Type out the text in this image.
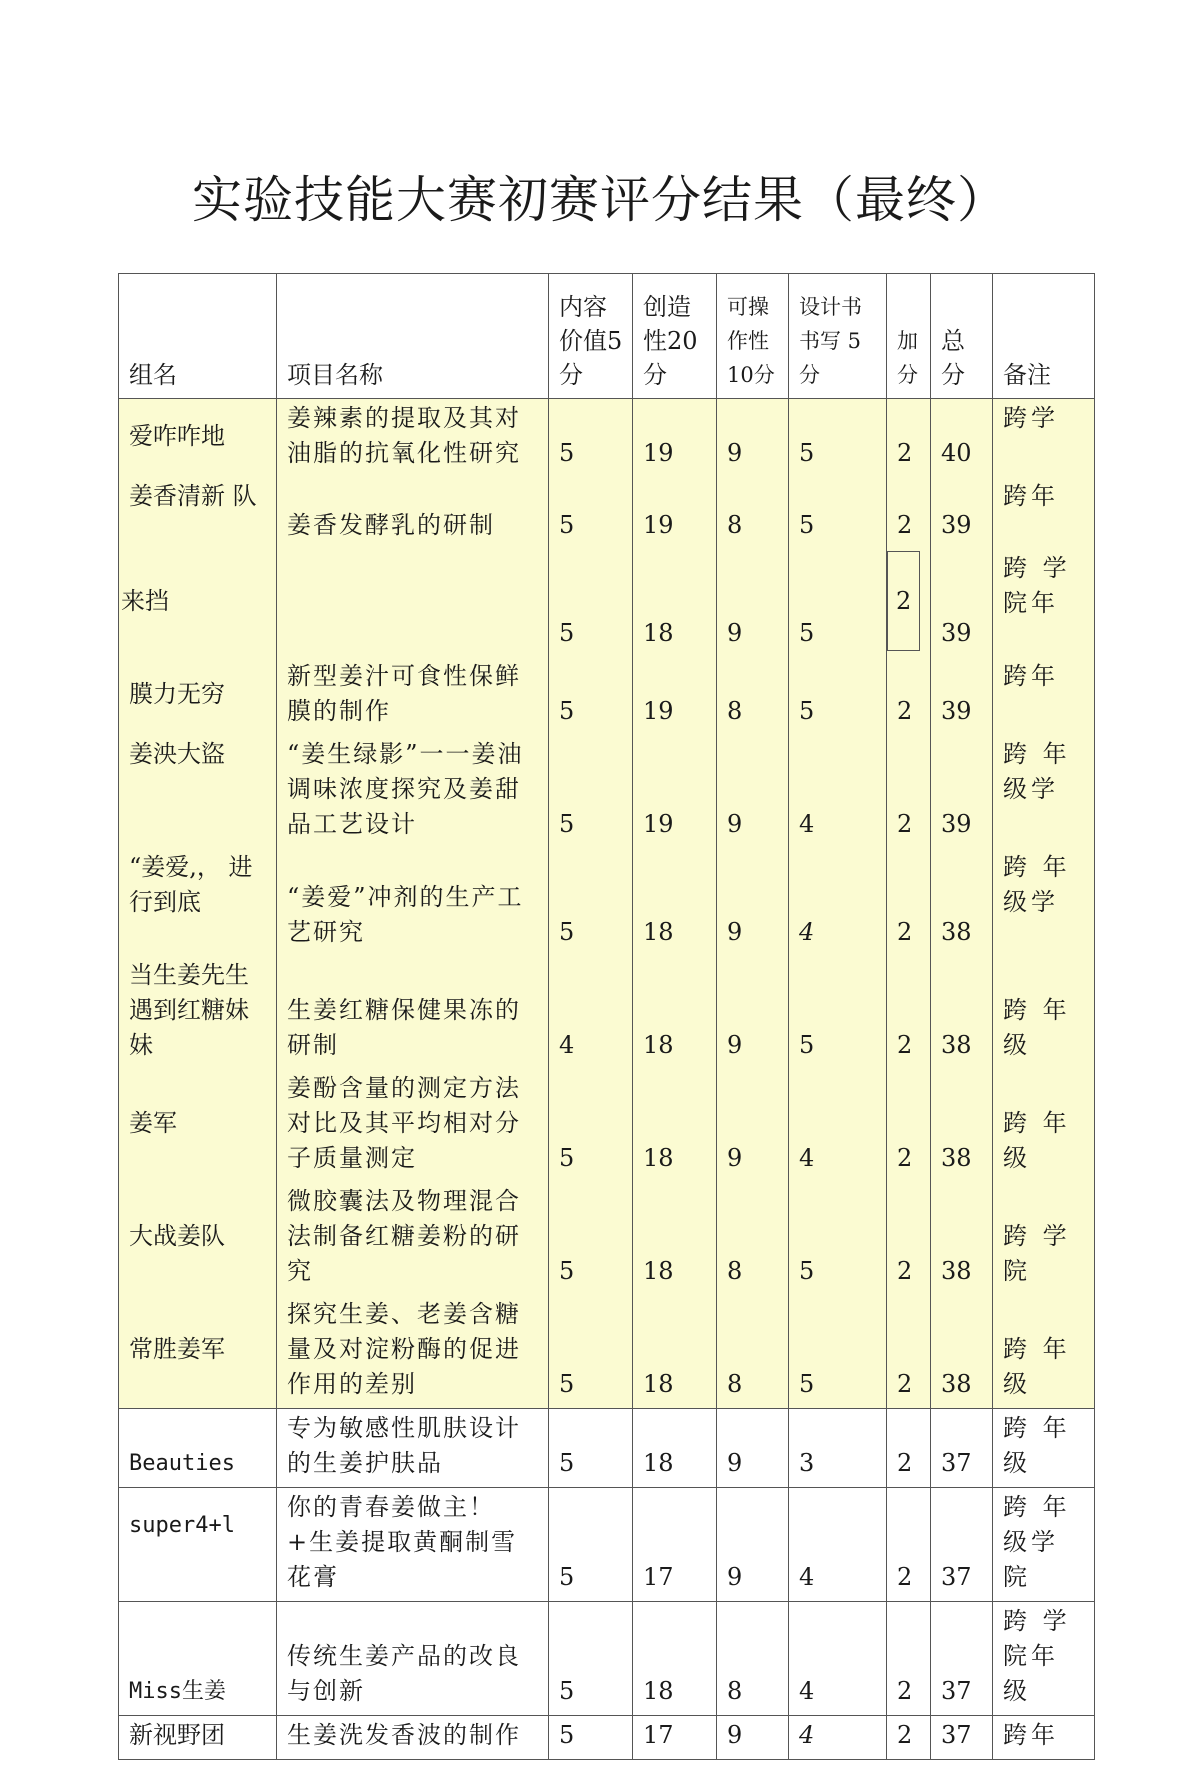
实验技能大赛初赛评分结果（最终）
组名	项目名称	内容价值5分	创造性20分	可操作性10分	设计书书写 5分	加分	总分	备注
爱咋咋地	姜辣素的提取及其对油脂的抗氧化性研究	5	19	9	5	2	40	跨学
姜香清新 队	姜香发酵乳的研制	5	19	8	5	2	39	跨年
来挡		5	18	9	5	2	39	跨 学 院年
膜力无穷	新型姜汁可食性保鲜膜的制作	5	19	8	5	2	39	跨年
姜泱大盜	“姜生绿影”一一姜油调味浓度探究及姜甜品工艺设计	5	19	9	4	2	39	跨 年 级学
“姜爱,， 进行到底	“姜爱”冲剂的生产工艺研究	5	18	9	4	2	38	跨 年 级学
当生姜先生遇到红糖妹妹	生姜红糖保健果冻的研制	4	18	9	5	2	38	跨 年 级
姜军	姜酚含量的测定方法对比及其平均相对分子质量测定	5	18	9	4	2	38	跨 年 级
大战姜队	微胶囊法及物理混合法制备红糖姜粉的研究	5	18	8	5	2	38	跨 学 院
常胜姜军	探究生姜、老姜含糖量及对淀粉酶的促进作用的差别	5	18	8	5	2	38	跨 年 级
Beauties	专为敏感性肌肤设计的生姜护肤品	5	18	9	3	2	37	跨 年 级
super4+l	你的青春姜做主！+生姜提取黄酮制雪花膏	5	17	9	4	2	37	跨 年 级学 院
Miss生姜	传统生姜产品的改良与创新	5	18	8	4	2	37	跨 学 院年 级
新视野团	生姜洗发香波的制作	5	17	9	4	2	37	跨年
